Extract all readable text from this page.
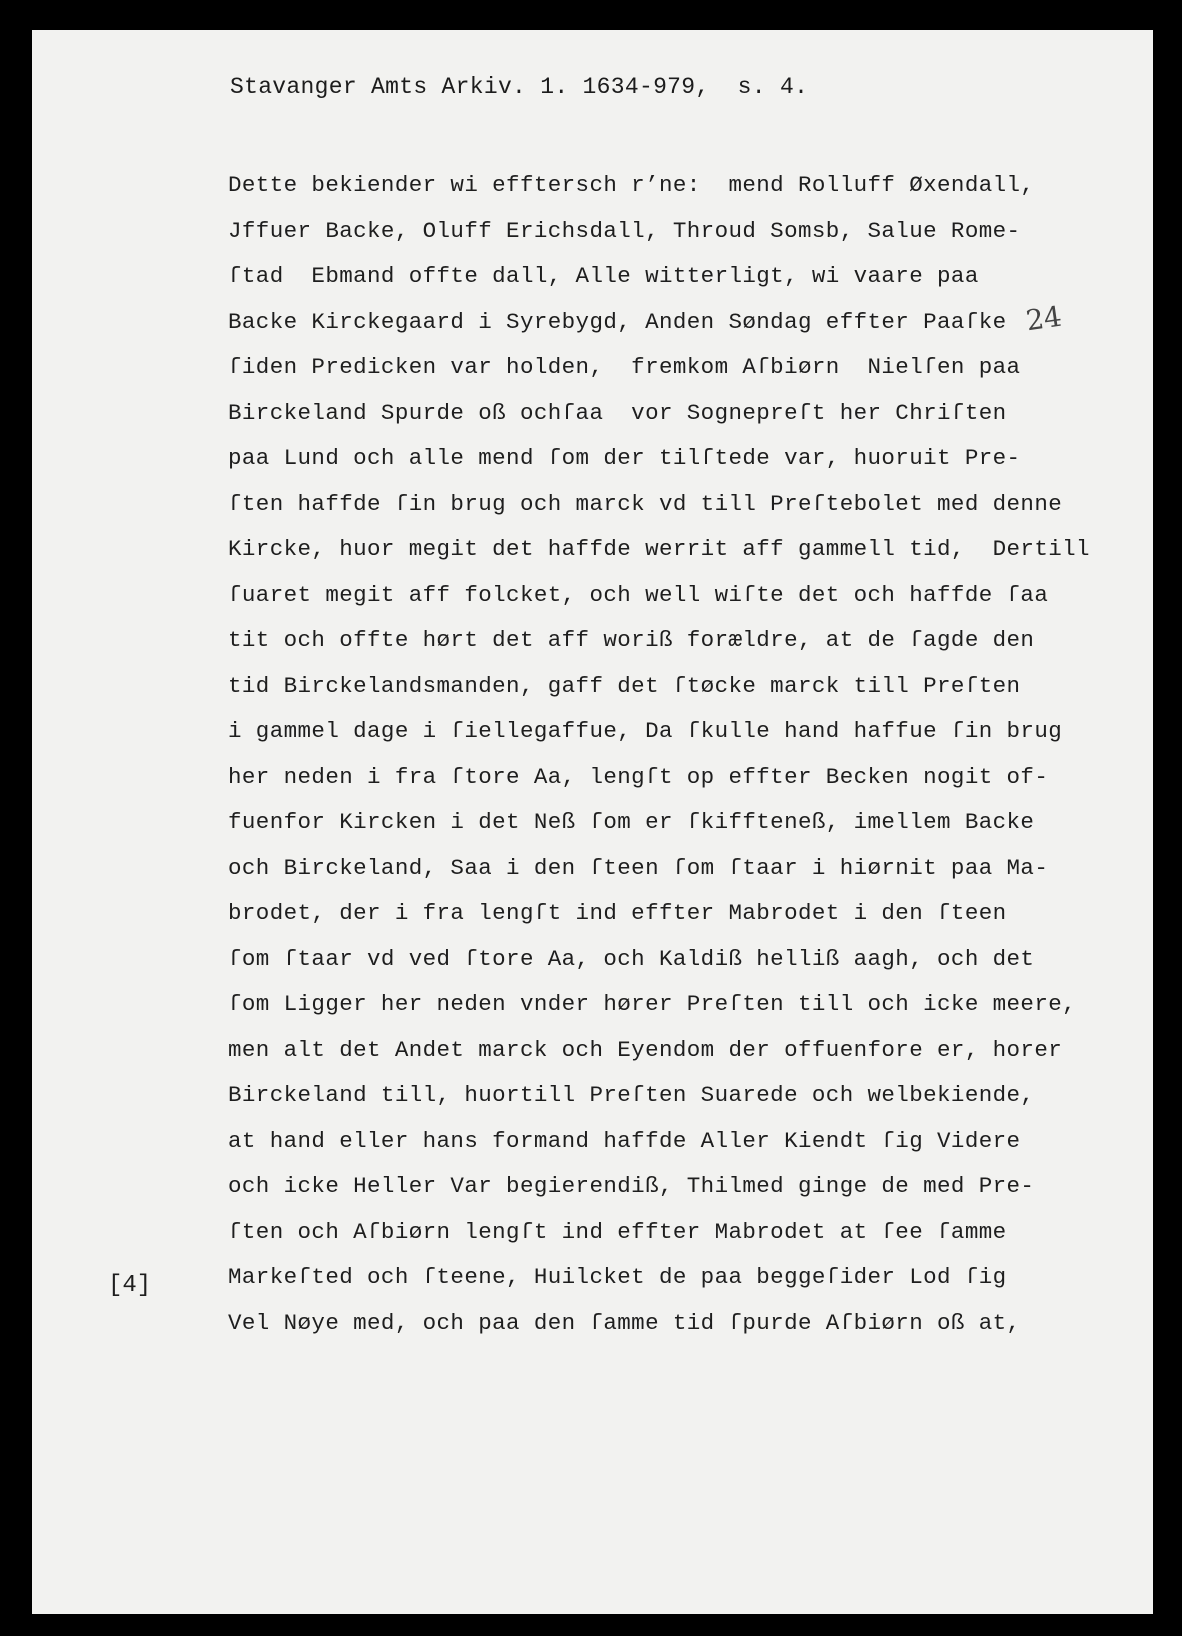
Stavanger Amts Arkiv. 1. 1634-979,  s. 4.
Dette bekiender wi efftersch r’ne:  mend Rolluff Øxendall,
Jffuer Backe, Oluff Erichsdall, Throud Somsb, Salue Rome-
ſtad  Ebmand offte dall, Alle witterligt, wi vaare paa
Backe Kirckegaard i Syrebygd, Anden Søndag effter Paaſke
ſiden Predicken var holden,  fremkom Aſbiørn  Nielſen paa
Birckeland Spurde oß ochſaa  vor Sognepreſt her Chriſten
paa Lund och alle mend ſom der tilſtede var, huoruit Pre-
ſten haffde ſin brug och marck vd till Preſtebolet med denne
Kircke, huor megit det haffde werrit aff gammell tid,  Dertill
ſuaret megit aff folcket, och well wiſte det och haffde ſaa
tit och offte hørt det aff woriß forældre, at de ſagde den
tid Birckelandsmanden, gaff det ſtøcke marck till Preſten
i gammel dage i ſiellegaffue, Da ſkulle hand haffue ſin brug
her neden i fra ſtore Aa, lengſt op effter Becken nogit of-
fuenfor Kircken i det Neß ſom er ſkiffteneß, imellem Backe
och Birckeland, Saa i den ſteen ſom ſtaar i hiørnit paa Ma-
brodet, der i fra lengſt ind effter Mabrodet i den ſteen
ſom ſtaar vd ved ſtore Aa, och Kaldiß helliß aagh, och det
ſom Ligger her neden vnder hører Preſten till och icke meere,
men alt det Andet marck och Eyendom der offuenfore er, horer
Birckeland till, huortill Preſten Suarede och welbekiende,
at hand eller hans formand haffde Aller Kiendt ſig Videre
och icke Heller Var begierendiß, Thilmed ginge de med Pre-
ſten och Aſbiørn lengſt ind effter Mabrodet at ſee ſamme
Markeſted och ſteene, Huilcket de paa beggeſider Lod ſig
Vel Nøye med, och paa den ſamme tid ſpurde Aſbiørn oß at,
24
[4]
